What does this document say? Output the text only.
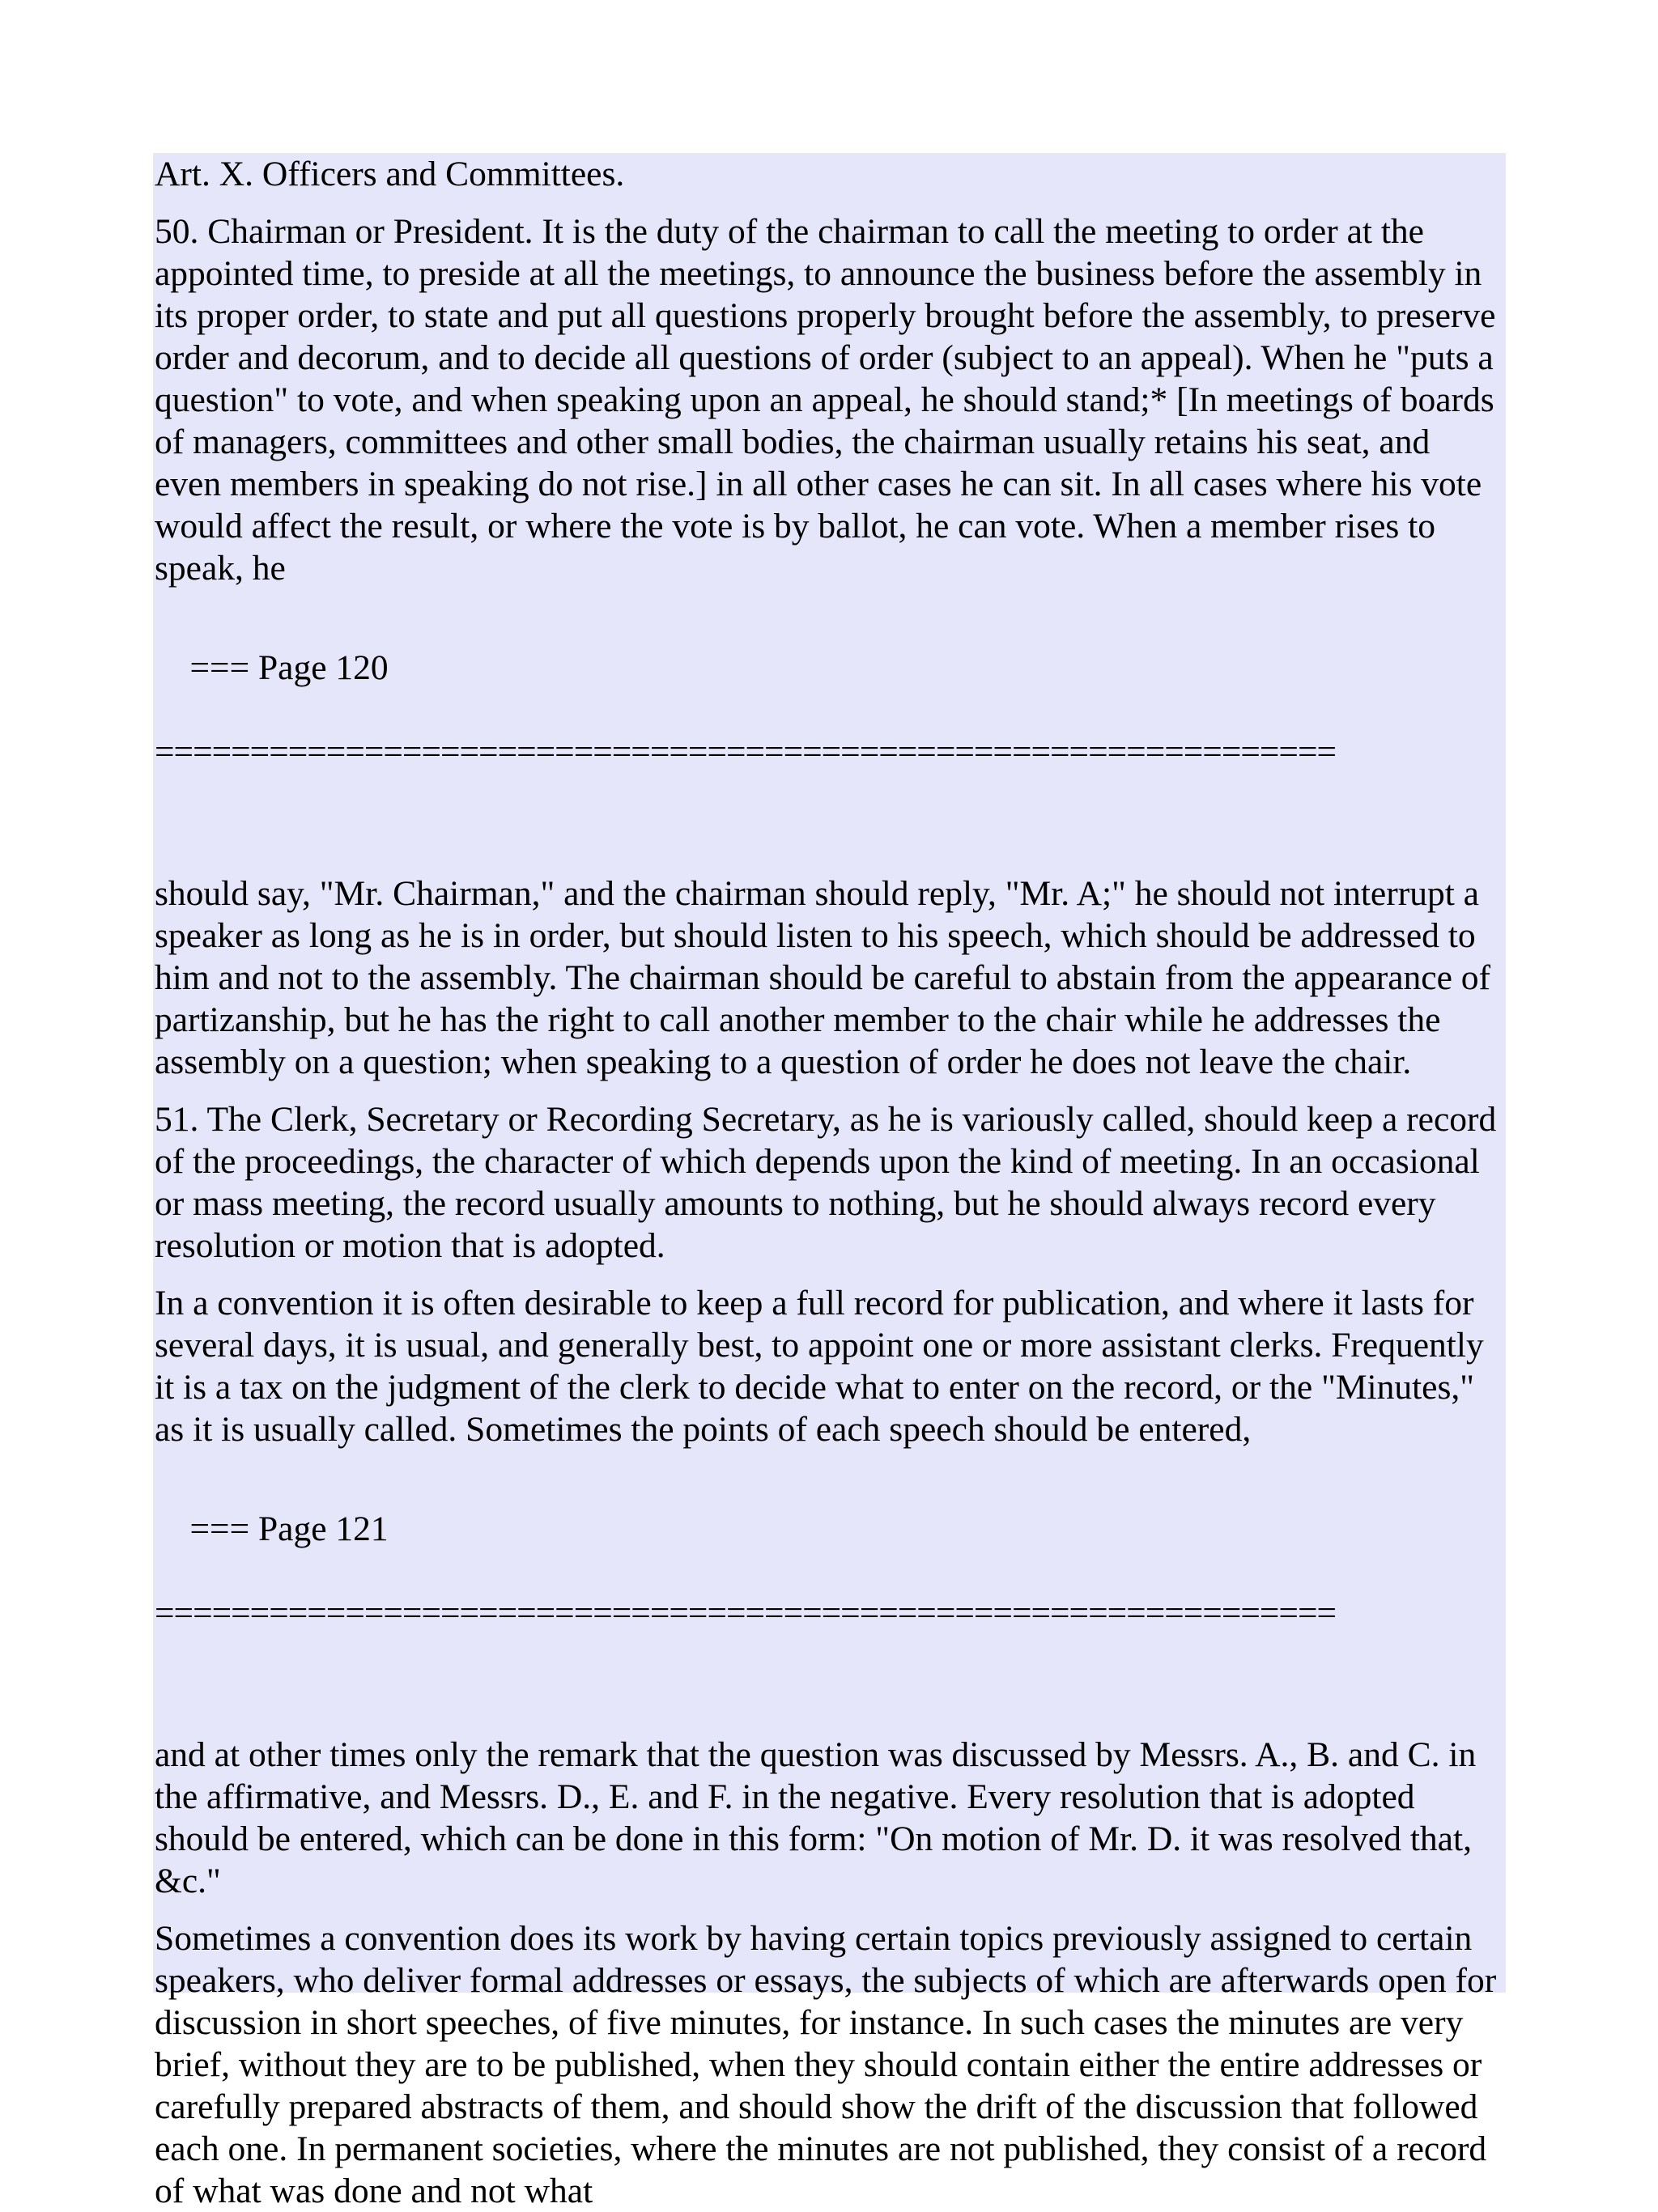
Art. X. Officers and Committees.

50. Chairman or President. It is the duty of the chairman to call the meeting to order at the appointed time, to preside at all the meetings, to announce the business before the assembly in its proper order, to state and put all questions properly brought before the assembly, to preserve order and decorum, and to decide all questions of order (subject to an appeal). When he "puts a question" to vote, and when speaking upon an appeal, he should stand;* [In meetings of boards of managers, committees and other small bodies, the chairman usually retains his seat, and even members in speaking do not rise.] in all other cases he can sit. In all cases where his vote would affect the result, or where the vote is by ballot, he can vote. When a member rises to speak, he

=== Page 120

==============================================================

should say, "Mr. Chairman," and the chairman should reply, "Mr. A;" he should not interrupt a speaker as long as he is in order, but should listen to his speech, which should be addressed to him and not to the assembly. The chairman should be careful to abstain from the appearance of partizanship, but he has the right to call another member to the chair while he addresses the assembly on a question; when speaking to a question of order he does not leave the chair.

51. The Clerk, Secretary or Recording Secretary, as he is variously called, should keep a record of the proceedings, the character of which depends upon the kind of meeting. In an occasional or mass meeting, the record usually amounts to nothing, but he should always record every resolution or motion that is adopted.

In a convention it is often desirable to keep a full record for publication, and where it lasts for several days, it is usual, and generally best, to appoint one or more assistant clerks. Frequently it is a tax on the judgment of the clerk to decide what to enter on the record, or the "Minutes," as it is usually called. Sometimes the points of each speech should be entered,

=== Page 121

==============================================================

and at other times only the remark that the question was discussed by Messrs. A., B. and C. in the affirmative, and Messrs. D., E. and F. in the negative. Every resolution that is adopted should be entered, which can be done in this form: "On motion of Mr. D. it was resolved that, &c."

Sometimes a convention does its work by having certain topics previously assigned to certain speakers, who deliver formal addresses or essays, the subjects of which are afterwards open for discussion in short speeches, of five minutes, for instance. In such cases the minutes are very brief, without they are to be published, when they should contain either the entire addresses or carefully prepared abstracts of them, and should show the drift of the discussion that followed each one. In permanent societies, where the minutes are not published, they consist of a record of what was done and not what
